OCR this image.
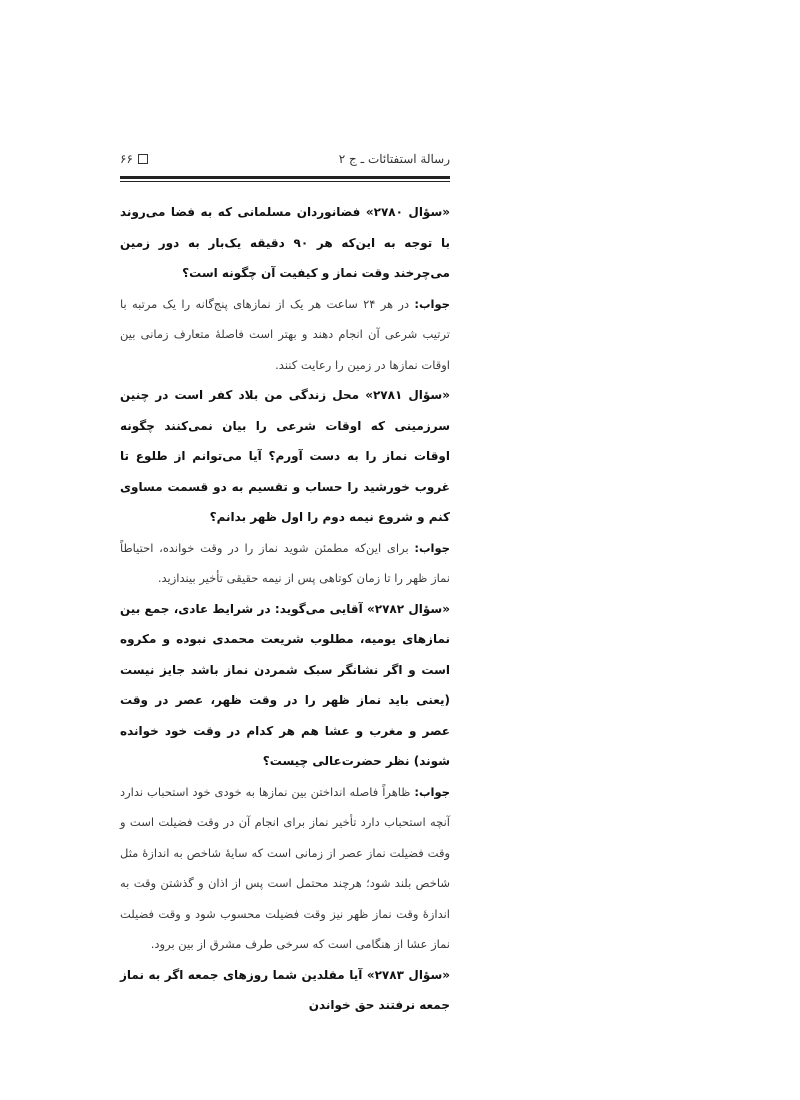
رسالة استفتائات ـ ج ۲
۶۶

«سؤال ۲۷۸۰» فضانوردان مسلمانی که به فضا می‌روند با توجه به این‌که هر ۹۰ دقیقه یک‌بار به دور زمین می‌چرخند وقت نماز و کیفیت آن چگونه است؟

جواب: در هر ۲۴ ساعت هر یک از نمازهای پنج‌گانه را یک مرتبه با ترتیب شرعی آن انجام دهند و بهتر است فاصلهٔ متعارف زمانی بین اوقات نمازها در زمین را رعایت کنند.

«سؤال ۲۷۸۱» محل زندگی من بلاد کفر است در چنین سرزمینی که اوقات شرعی را بیان نمی‌کنند چگونه اوقات نماز را به دست آورم؟ آیا می‌توانم از طلوع تا غروب خورشید را حساب و تقسیم به دو قسمت مساوی کنم و شروع نیمه دوم را اول ظهر بدانم؟

جواب: برای این‌که مطمئن شوید نماز را در وقت خوانده، احتیاطاً نماز ظهر را تا زمان کوتاهی پس از نیمه حقیقی تأخیر بیندازید.

«سؤال ۲۷۸۲» آقایی می‌گوید: در شرایط عادی، جمع بین نمازهای یومیه، مطلوب شریعت محمدی نبوده و مکروه است و اگر نشانگر سبک شمردن نماز باشد جایز نیست (یعنی باید نماز ظهر را در وقت ظهر، عصر در وقت عصر و مغرب و عشا هم هر کدام در وقت خود خوانده شوند) نظر حضرت‌عالی چیست؟

جواب: ظاهراً فاصله انداختن بین نمازها به خودی خود استحباب ندارد آنچه استحباب دارد تأخیر نماز برای انجام آن در وقت فضیلت است و وقت فضیلت نماز عصر از زمانی است که سایهٔ شاخص به اندازهٔ مثل شاخص بلند شود؛ هرچند محتمل است پس از اذان و گذشتن وقت به اندازهٔ وقت نماز ظهر نیز وقت فضیلت محسوب شود و وقت فضیلت نماز عشا از هنگامی است که سرخی طرف مشرق از بین برود.

«سؤال ۲۷۸۳» آیا مقلدین شما روزهای جمعه اگر به نماز جمعه نرفتند حق خواندن
